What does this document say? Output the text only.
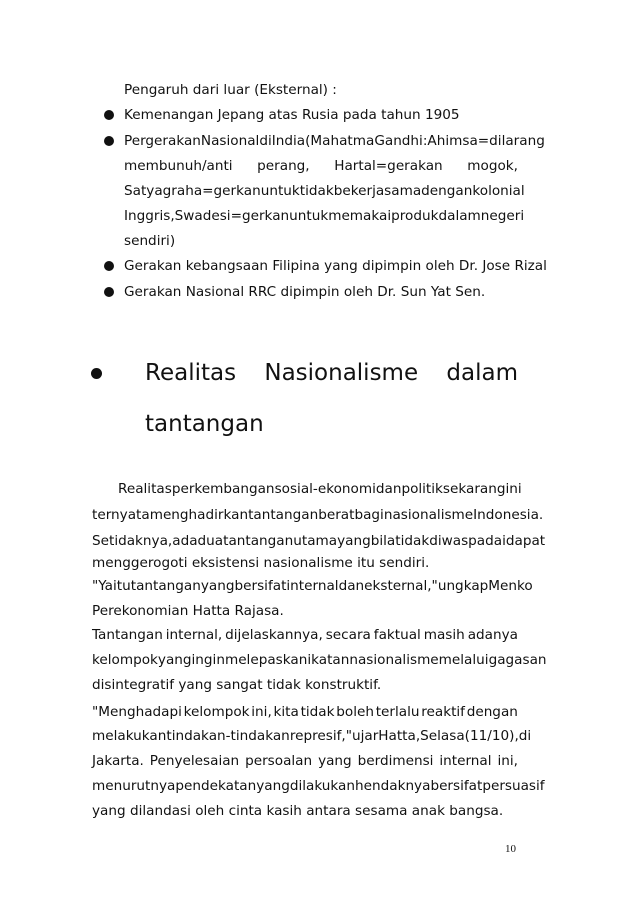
Pengaruh dari luar (Eksternal) :
Kemenangan Jepang atas Rusia pada tahun 1905
Pergerakan Nasional di India (Mahatma Gandhi: Ahimsa=dilarang
membunuh/anti perang, Hartal=gerakan mogok,
Satyagraha=gerkan untuk tidak bekerjasama dengan kolonial
Inggris, Swadesi=gerkan untuk memakai produk dalam negeri
sendiri)
Gerakan kebangsaan Filipina yang dipimpin oleh Dr. Jose Rizal
Gerakan Nasional RRC dipimpin oleh Dr. Sun Yat Sen.
Realitas Nasionalisme dalam
tantangan
Realitas perkembangan sosial-ekonomi dan politik sekarang ini
ternyata menghadirkan tantangan berat bagi nasionalisme Indonesia.
Setidaknya, ada dua tantangan utama yang bila tidak diwaspadai dapat
menggerogoti eksistensi nasionalisme itu sendiri.
"Yaitu tantangan yang bersifat internal dan eksternal," ungkap Menko
Perekonomian Hatta Rajasa.
Tantangan internal, dijelaskannya, secara faktual masih adanya
kelompok yang ingin melepaskan ikatan nasionalisme melalui gagasan
disintegratif yang sangat tidak konstruktif.
"Menghadapi kelompok ini, kita tidak boleh terlalu reaktif dengan
melakukan tindakan-tindakan represif," ujar Hatta, Selasa (11/10), di
Jakarta. Penyelesaian persoalan yang berdimensi internal ini,
menurutnya pendekatan yang dilakukan hendaknya bersifat persuasif
yang dilandasi oleh cinta kasih antara sesama anak bangsa.
10
